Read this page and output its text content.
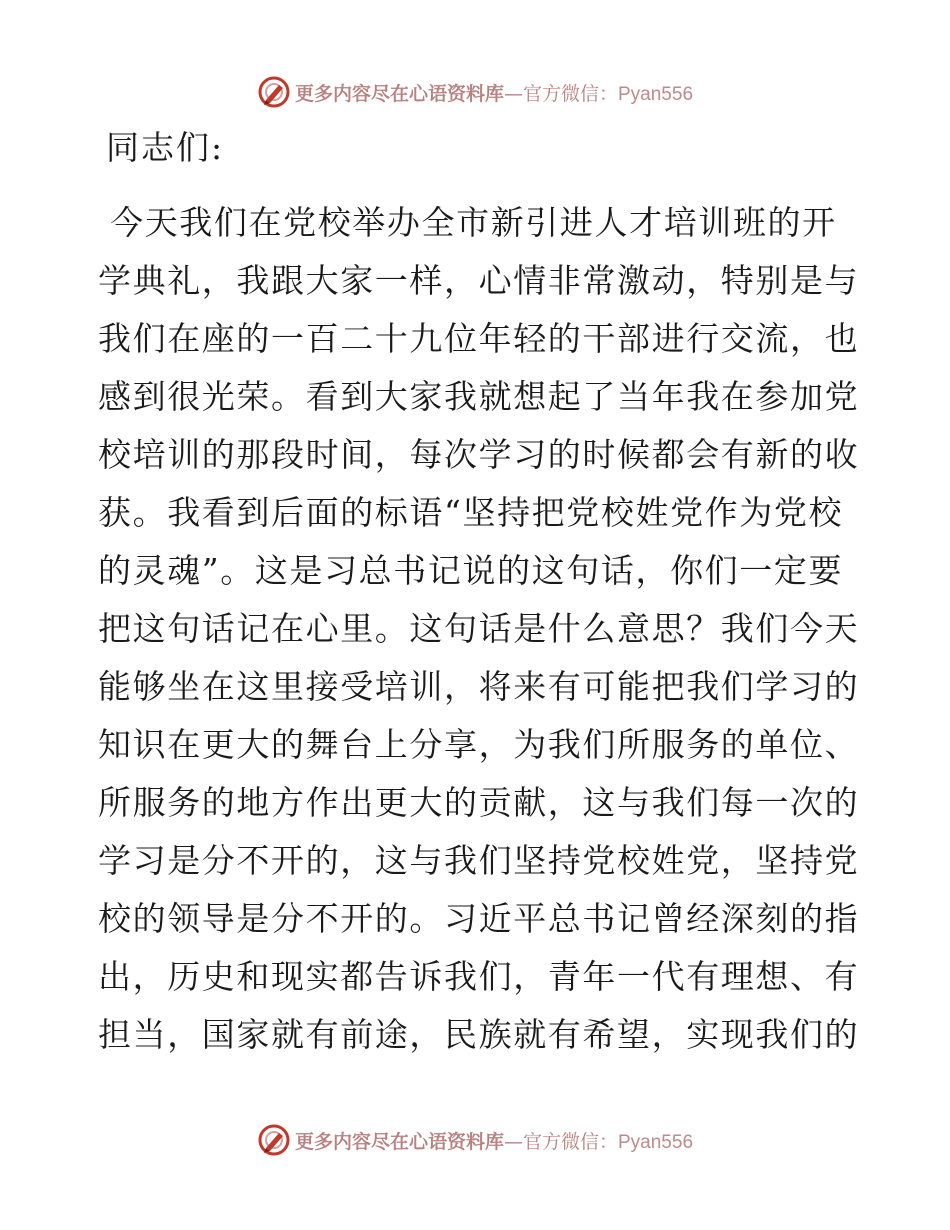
更多内容尽在心语资料库—官方微信：Pyan556
同志们:
今天我们在党校举办全市新引进人才培训班的开
学典礼，我跟大家一样，心情非常激动，特别是与
我们在座的一百二十九位年轻的干部进行交流，也
感到很光荣。看到大家我就想起了当年我在参加党
校培训的那段时间，每次学习的时候都会有新的收
获。我看到后面的标语“坚持把党校姓党作为党校
的灵魂”。这是习总书记说的这句话，你们一定要
把这句话记在心里。这句话是什么意思？我们今天
能够坐在这里接受培训，将来有可能把我们学习的
知识在更大的舞台上分享，为我们所服务的单位、
所服务的地方作出更大的贡献，这与我们每一次的
学习是分不开的，这与我们坚持党校姓党，坚持党
校的领导是分不开的。习近平总书记曾经深刻的指
出，历史和现实都告诉我们，青年一代有理想、有
担当，国家就有前途，民族就有希望，实现我们的
更多内容尽在心语资料库—官方微信：Pyan556
